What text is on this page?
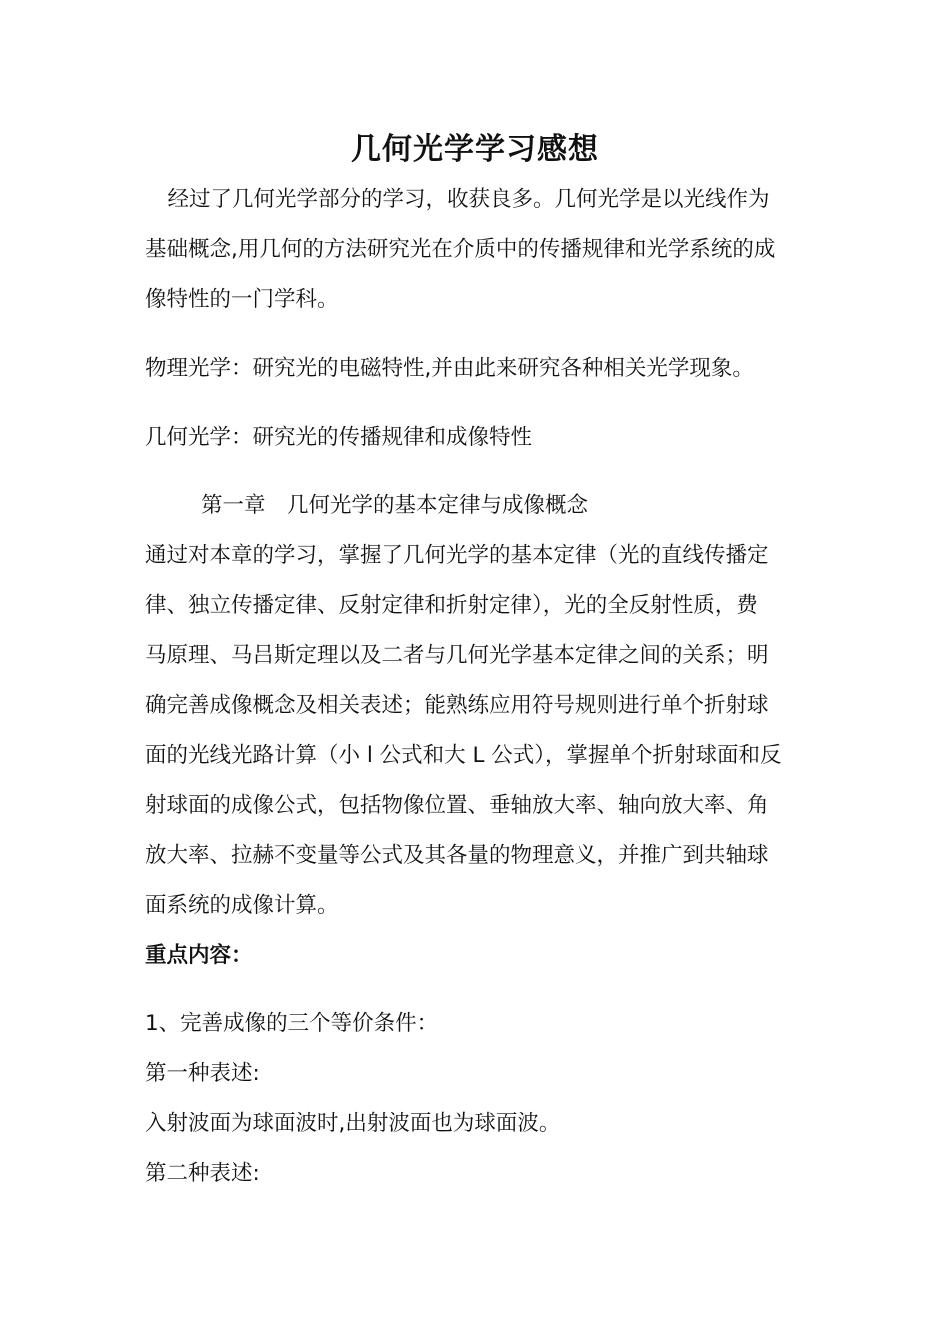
几何光学学习感想
　经过了几何光学部分的学习，收获良多。几何光学是以光线作为
基础概念,用几何的方法研究光在介质中的传播规律和光学系统的成
像特性的一门学科。
物理光学：研究光的电磁特性,并由此来研究各种相关光学现象。
几何光学：研究光的传播规律和成像特性
第一章　几何光学的基本定律与成像概念
通过对本章的学习，掌握了几何光学的基本定律（光的直线传播定
律、独立传播定律、反射定律和折射定律），光的全反射性质，费
马原理、马吕斯定理以及二者与几何光学基本定律之间的关系；明
确完善成像概念及相关表述；能熟练应用符号规则进行单个折射球
面的光线光路计算（小 l 公式和大 L 公式），掌握单个折射球面和反
射球面的成像公式，包括物像位置、垂轴放大率、轴向放大率、角
放大率、拉赫不变量等公式及其各量的物理意义，并推广到共轴球
面系统的成像计算。
重点内容：
1、完善成像的三个等价条件：
第一种表述:
入射波面为球面波时,出射波面也为球面波。
第二种表述:
